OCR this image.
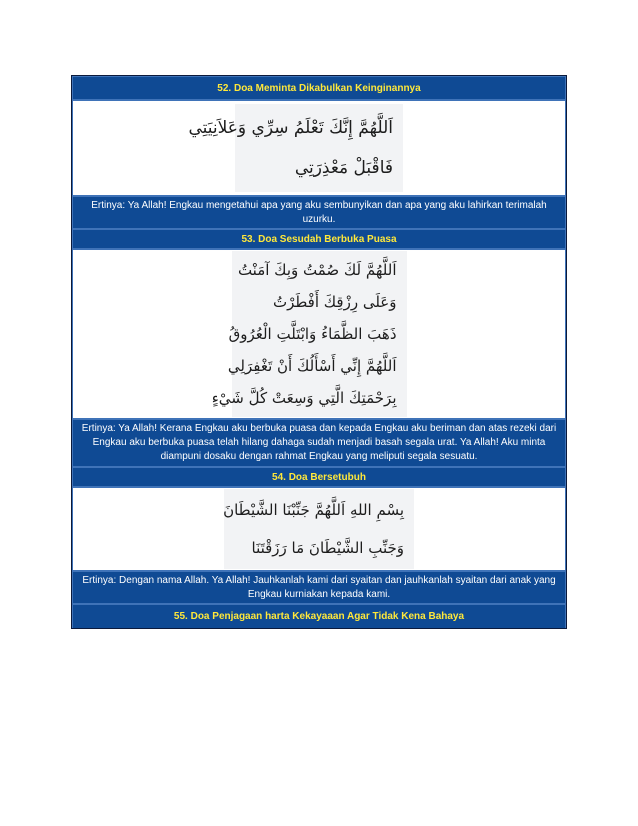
52. Doa Meminta Dikabulkan Keinginannya
اَللَّهُمَّ إِنَّكَ تَعْلَمُ سِرِّي وَعَلاَنِيَتِي
فَاقْبَلْ مَعْذِرَتِي
Ertinya: Ya Allah! Engkau mengetahui apa yang aku sembunyikan dan apa yang aku lahirkan terimalah uzurku.
53. Doa Sesudah Berbuka Puasa
اَللَّهُمَّ لَكَ صُمْتُ وَبِكَ آمَنْتُ
وَعَلَى رِزْقِكَ أَفْطَرْتُ
ذَهَبَ الظَّمَاءُ وَابْتَلَّتِ الْعُرُوقُ
اَللَّهُمَّ إِنِّي أَسْأَلُكَ أَنْ تَغْفِرَلِي
بِرَحْمَتِكَ الَّتِي وَسِعَتْ كُلَّ شَيْءٍ
Ertinya: Ya Allah! Kerana Engkau aku berbuka puasa dan kepada Engkau aku beriman dan atas rezeki dari Engkau aku berbuka puasa telah hilang dahaga sudah menjadi basah segala urat. Ya Allah! Aku minta diampuni dosaku dengan rahmat Engkau yang meliputi segala sesuatu.
54. Doa Bersetubuh
بِسْمِ اللهِ اَللَّهُمَّ جَنِّبْنَا الشَّيْطَانَ
وَجَنِّبِ الشَّيْطَانَ مَا رَزَقْتَنَا
Ertinya: Dengan nama Allah. Ya Allah! Jauhkanlah kami dari syaitan dan jauhkanlah syaitan dari anak yang Engkau kurniakan kepada kami.
55. Doa Penjagaan harta Kekayaaan Agar Tidak Kena Bahaya
